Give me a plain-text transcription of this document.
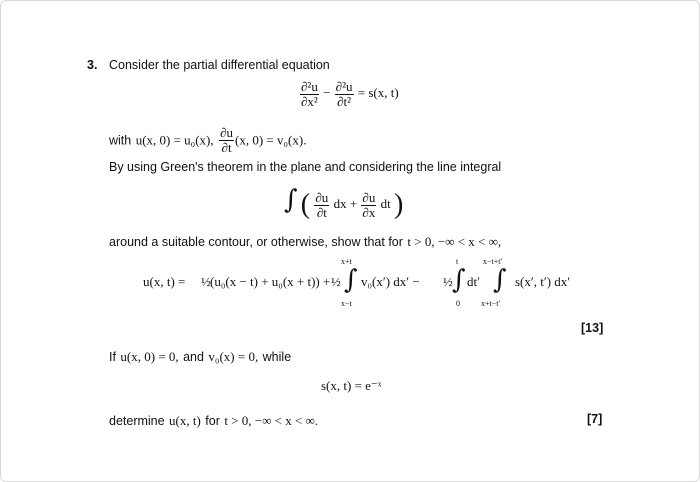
3. Consider the partial differential equation
$\frac{\text{∂²u}}{\text{∂x²}} - \frac{\text{∂²u}}{\text{∂t²}} = s(x$, t)
with u(x, 0) = u₀(x), $\frac{\partial u}{\partial t} (x$, 0) = v₀(x).
By using Green's theorem in the plane and considering the line integral
∫ ( $\frac{\partial u}{\partial t}$ dx + $\frac{\partial u}{\partial x}$ dt )
around a suitable contour, or otherwise, show that for t > 0, −∞ < x < ∞,
u(x, t) = ½ (u₀(x − t) + u₀(x + t)) + ½
x+t
∫
x−t
v₀(x′) dx′ − ½
t
∫
0
dt′
x−t+t′
∫
x+t−t′
s(x′, t′) dx′
[13]
If u(x, 0) = 0, and v₀(x) = 0, while
s(x, t) = e⁻ˣ
determine u(x, t) for t > 0, −∞ < x < ∞.	[7]
